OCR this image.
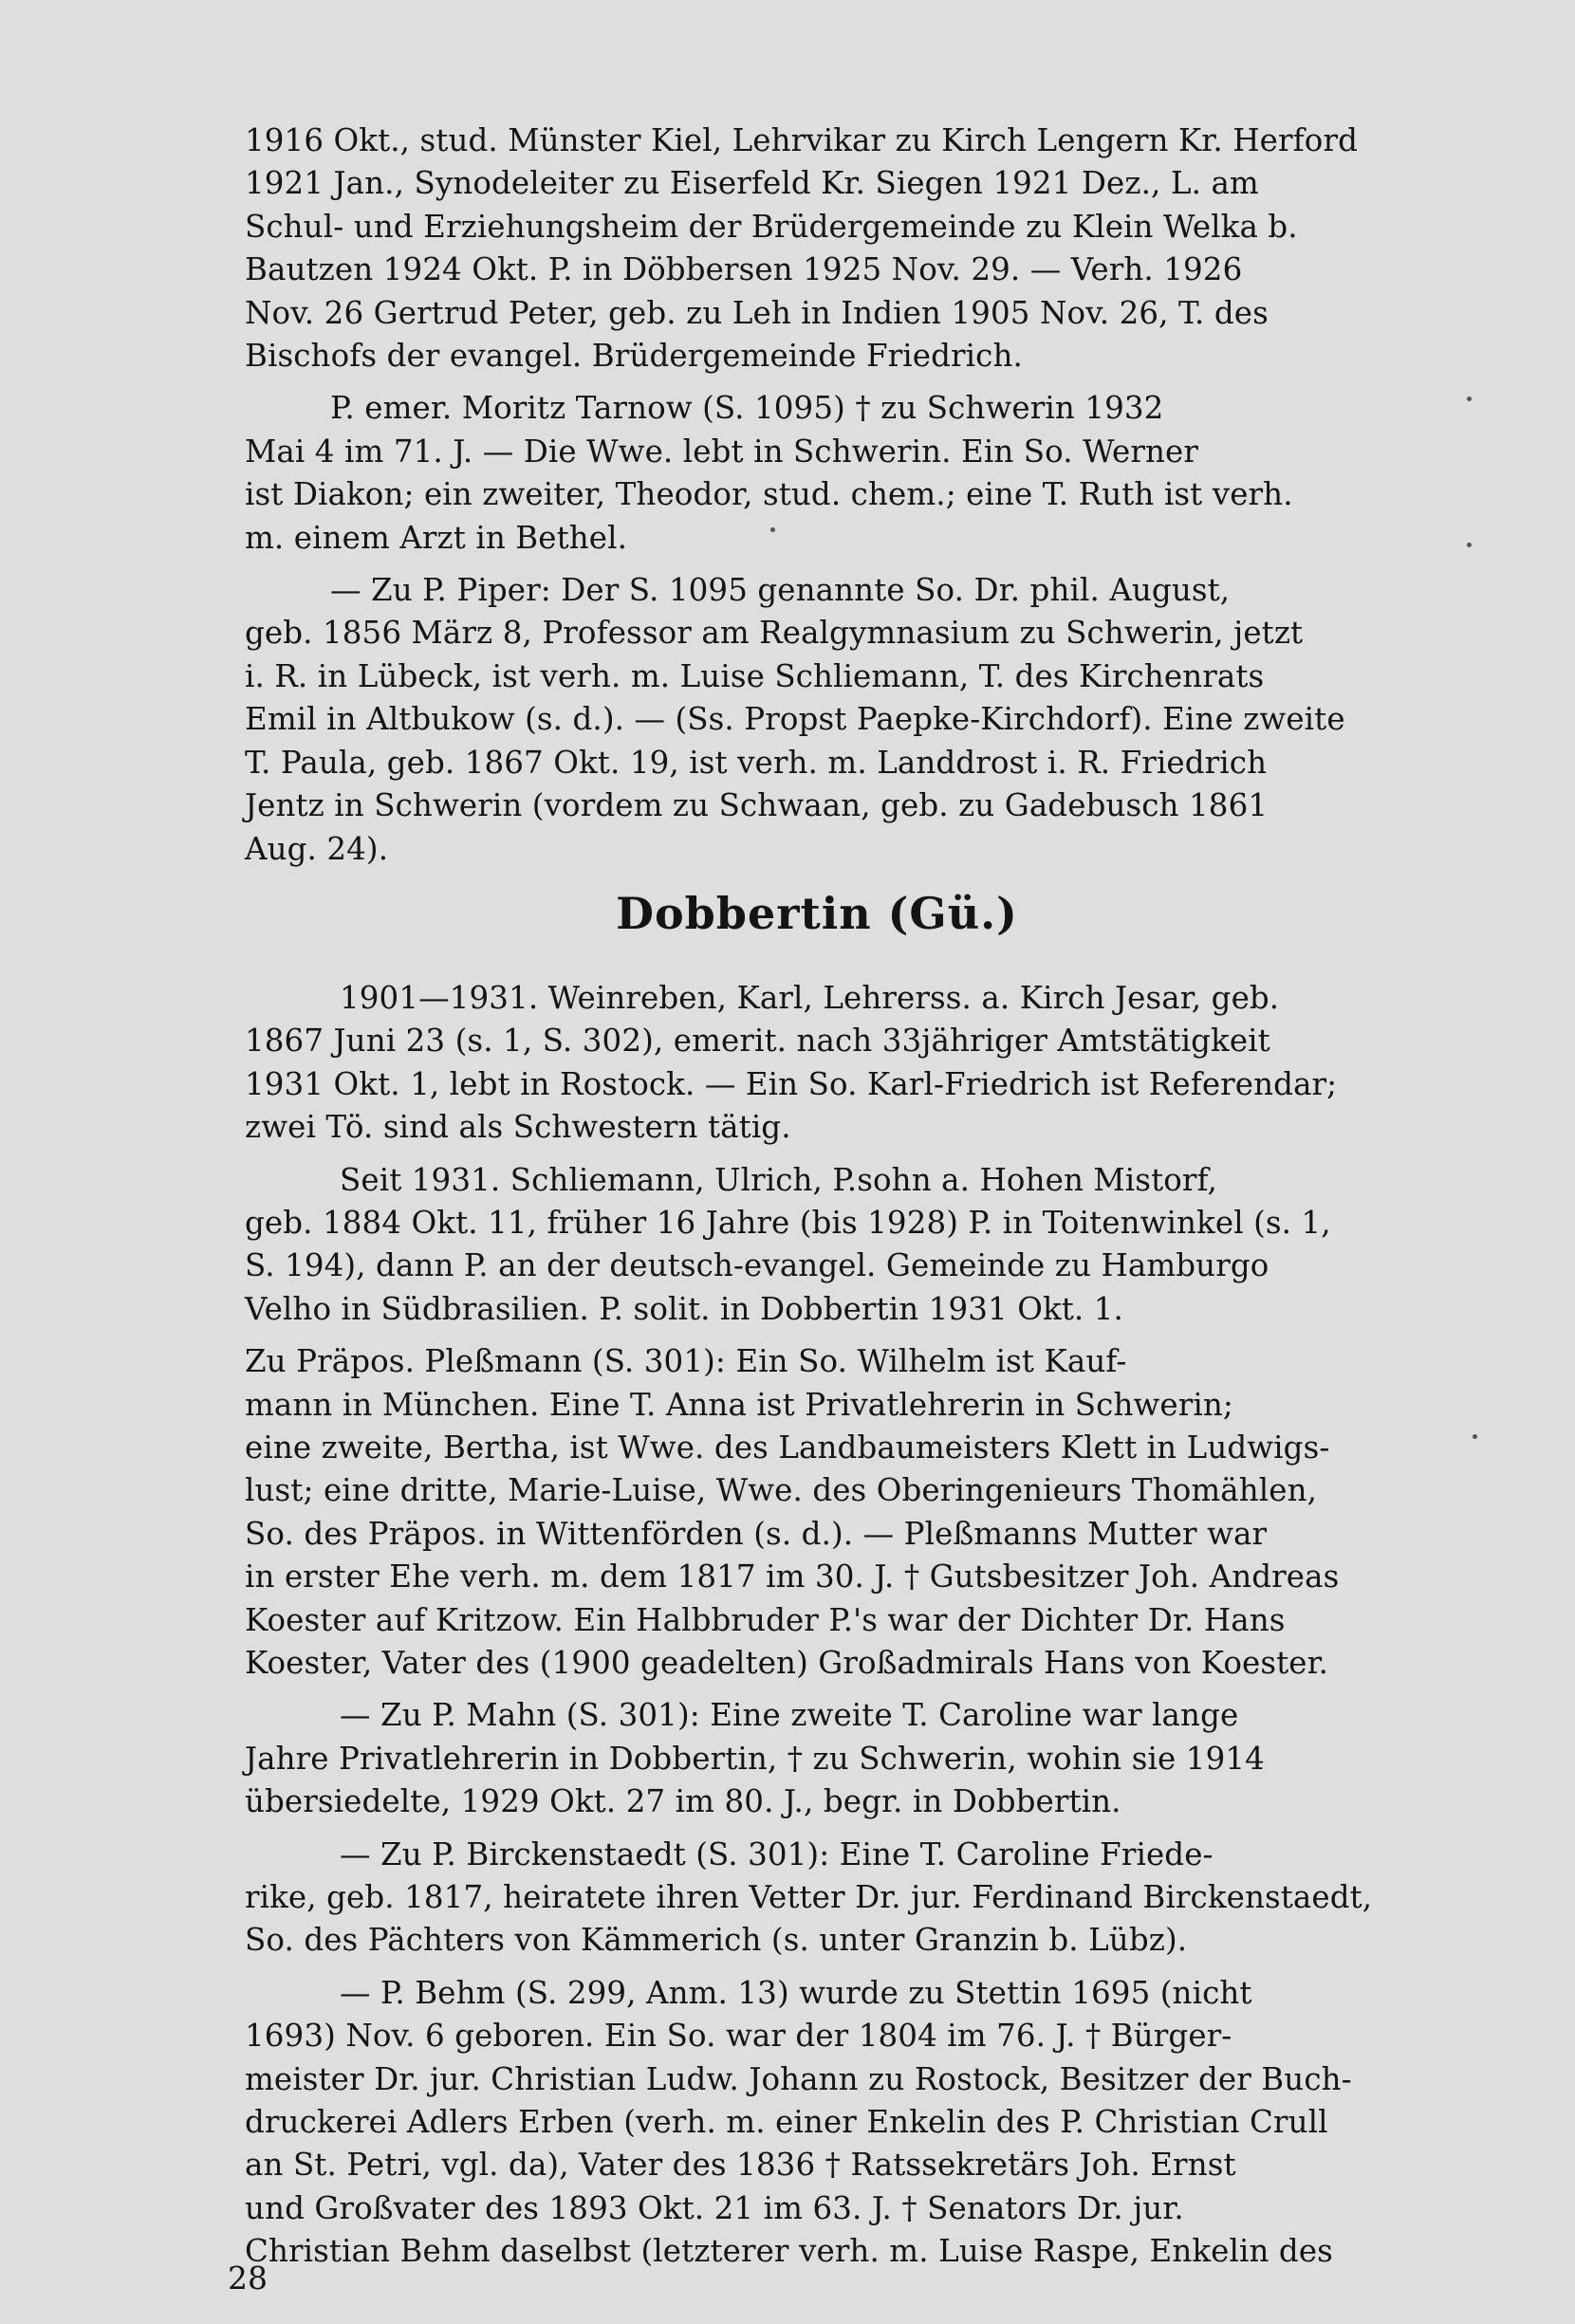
1916 Okt., stud. Münster Kiel, Lehrvikar zu Kirch Lengern Kr. Herford
1921 Jan., Synodeleiter zu Eiserfeld Kr. Siegen 1921 Dez., L. am
Schul- und Erziehungsheim der Brüdergemeinde zu Klein Welka b.
Bautzen 1924 Okt. P. in Döbbersen 1925 Nov. 29. — Verh. 1926
Nov. 26 Gertrud Peter, geb. zu Leh in Indien 1905 Nov. 26, T. des
Bischofs der evangel. Brüdergemeinde Friedrich.

P. emer. Moritz Tarnow (S. 1095) † zu Schwerin 1932
Mai 4 im 71. J. — Die Wwe. lebt in Schwerin. Ein So. Werner
ist Diakon; ein zweiter, Theodor, stud. chem.; eine T. Ruth ist verh.
m. einem Arzt in Bethel.

— Zu P. Piper: Der S. 1095 genannte So. Dr. phil. August,
geb. 1856 März 8, Professor am Realgymnasium zu Schwerin, jetzt
i. R. in Lübeck, ist verh. m. Luise Schliemann, T. des Kirchenrats
Emil in Altbukow (s. d.). — (Ss. Propst Paepke-Kirchdorf). Eine zweite
T. Paula, geb. 1867 Okt. 19, ist verh. m. Landdrost i. R. Friedrich
Jentz in Schwerin (vordem zu Schwaan, geb. zu Gadebusch 1861
Aug. 24).

Dobbertin (Gü.)

1901—1931. Weinreben, Karl, Lehrerss. a. Kirch Jesar, geb.
1867 Juni 23 (s. 1, S. 302), emerit. nach 33jähriger Amtstätigkeit
1931 Okt. 1, lebt in Rostock. — Ein So. Karl-Friedrich ist Referendar;
zwei Tö. sind als Schwestern tätig.

Seit 1931. Schliemann, Ulrich, P.sohn a. Hohen Mistorf,
geb. 1884 Okt. 11, früher 16 Jahre (bis 1928) P. in Toitenwinkel (s. 1,
S. 194), dann P. an der deutsch-evangel. Gemeinde zu Hamburgo
Velho in Südbrasilien. P. solit. in Dobbertin 1931 Okt. 1.

Zu Präpos. Pleßmann (S. 301): Ein So. Wilhelm ist Kauf-
mann in München. Eine T. Anna ist Privatlehrerin in Schwerin;
eine zweite, Bertha, ist Wwe. des Landbaumeisters Klett in Ludwigs-
lust; eine dritte, Marie-Luise, Wwe. des Oberingenieurs Thomählen,
So. des Präpos. in Wittenförden (s. d.). — Pleßmanns Mutter war
in erster Ehe verh. m. dem 1817 im 30. J. † Gutsbesitzer Joh. Andreas
Koester auf Kritzow. Ein Halbbruder P.'s war der Dichter Dr. Hans
Koester, Vater des (1900 geadelten) Großadmirals Hans von Koester.

— Zu P. Mahn (S. 301): Eine zweite T. Caroline war lange
Jahre Privatlehrerin in Dobbertin, † zu Schwerin, wohin sie 1914
übersiedelte, 1929 Okt. 27 im 80. J., begr. in Dobbertin.

— Zu P. Birckenstaedt (S. 301): Eine T. Caroline Friede-
rike, geb. 1817, heiratete ihren Vetter Dr. jur. Ferdinand Birckenstaedt,
So. des Pächters von Kämmerich (s. unter Granzin b. Lübz).

— P. Behm (S. 299, Anm. 13) wurde zu Stettin 1695 (nicht
1693) Nov. 6 geboren. Ein So. war der 1804 im 76. J. † Bürger-
meister Dr. jur. Christian Ludw. Johann zu Rostock, Besitzer der Buch-
druckerei Adlers Erben (verh. m. einer Enkelin des P. Christian Crull
an St. Petri, vgl. da), Vater des 1836 † Ratssekretärs Joh. Ernst
und Großvater des 1893 Okt. 21 im 63. J. † Senators Dr. jur.
Christian Behm daselbst (letzterer verh. m. Luise Raspe, Enkelin des

28
